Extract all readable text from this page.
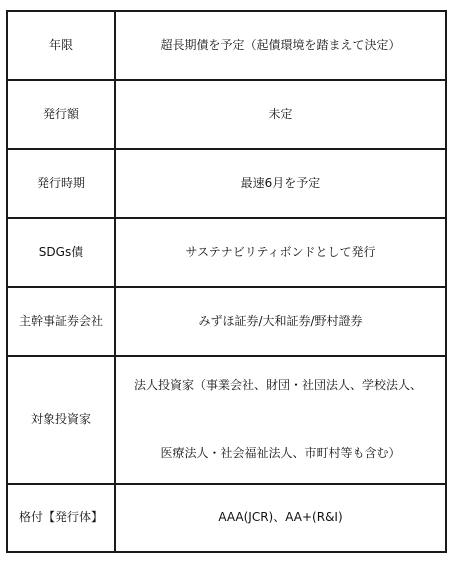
年限	超長期債を予定（起債環境を踏まえて決定）
発行額	未定
発行時期	最速6月を予定
SDGs債	サステナビリティボンドとして発行
主幹事証券会社	みずほ証券/大和証券/野村證券
対象投資家	法人投資家（事業会社、財団・社団法人、学校法人、
医療法人・社会福祉法人、市町村等も含む）

格付【発行体】	AAA(JCR)、AA+(R&I)
